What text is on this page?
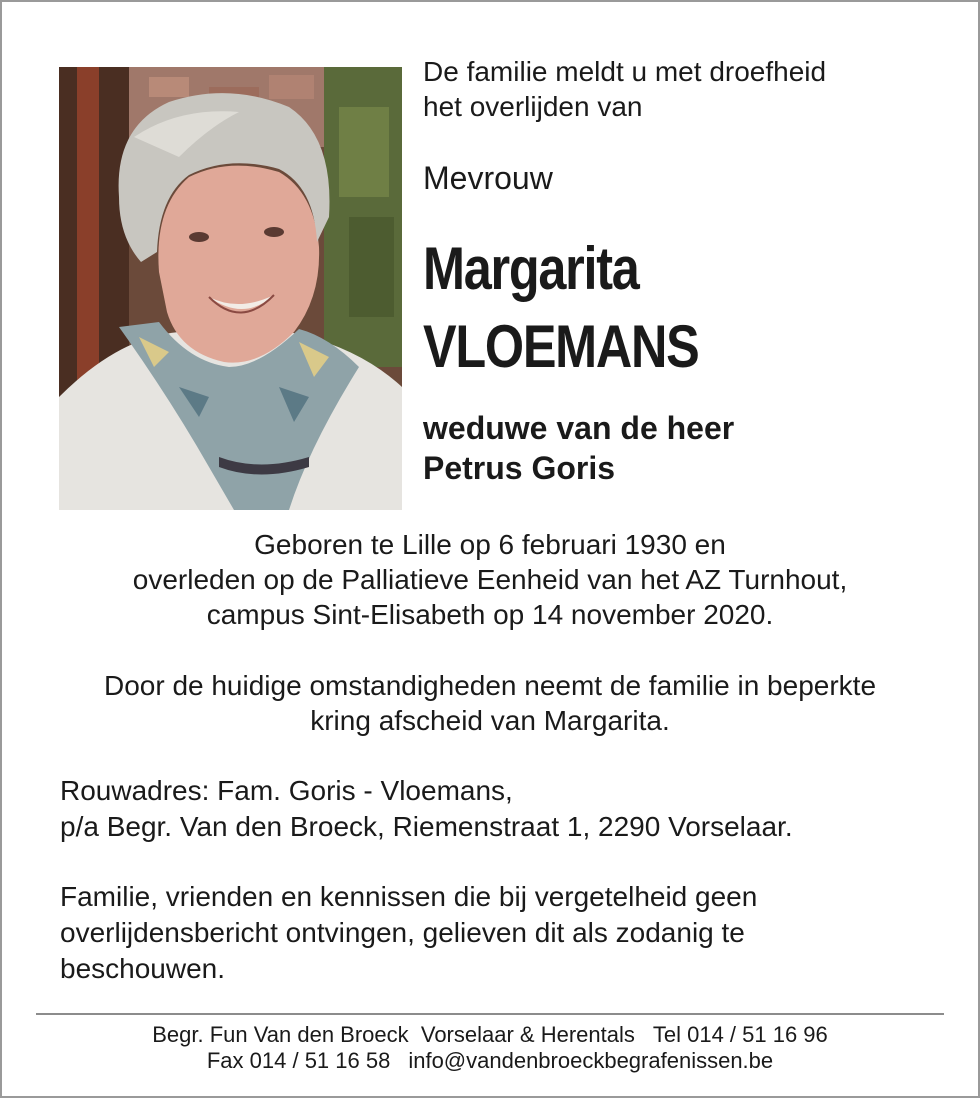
De familie meldt u met droefheid
het overlijden van
Mevrouw
Margarita
VLOEMANS
weduwe van de heer
Petrus Goris
Geboren te Lille op 6 februari 1930 en
overleden op de Palliatieve Eenheid van het AZ Turnhout,
campus Sint-Elisabeth op 14 november 2020.
Door de huidige omstandigheden neemt de familie in beperkte
kring afscheid van Margarita.
Rouwadres: Fam. Goris - Vloemans,
p/a Begr. Van den Broeck, Riemenstraat 1, 2290 Vorselaar.
Familie, vrienden en kennissen die bij vergetelheid geen
overlijdensbericht ontvingen, gelieven dit als zodanig te
beschouwen.
Begr. Fun Van den Broeck  Vorselaar & Herentals Tel 014 / 51 16 96
Fax 014 / 51 16 58 info@vandenbroeckbegrafenissen.be
